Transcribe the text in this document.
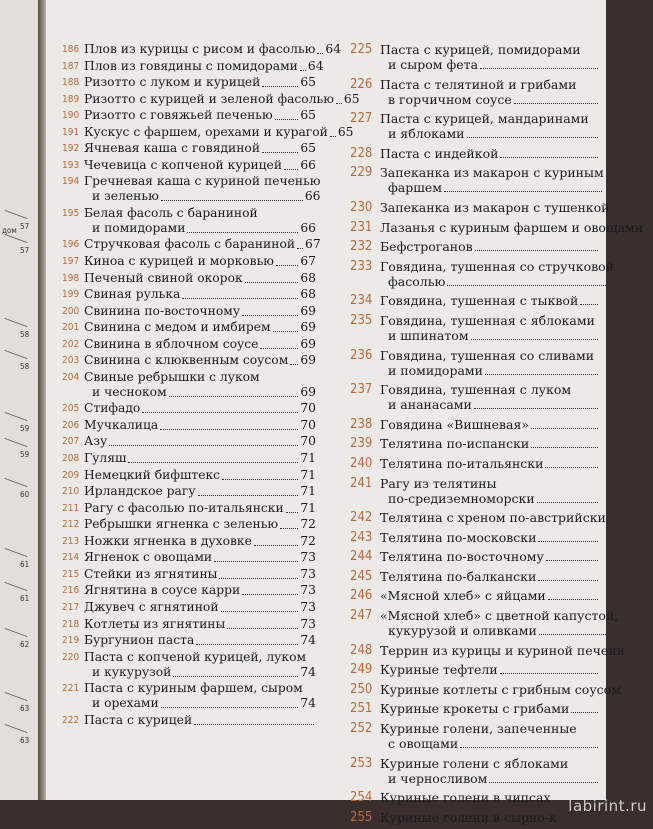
дом 57
57
58
58
59
59
60
61
61
62
63
63
186 Плов из курицы с рисом и фасолью 64
187 Плов из говядины с помидорами 64
188 Ризотто с луком и курицей	65
189 Ризотто с курицей и зеленой фасолью 65
190 Ризотто с говяжьей печенью 65
191 Кускус с фаршем, орехами и курагой 65
192 Ячневая каша с говядиной	65
193 Чечевица с копченой курицей 66
194 Гречневая каша с куриной печенью
и зеленью	66
195 Белая фасоль с бараниной
и помидорами	66
196 Стручковая фасоль с бараниной 67
197 Киноа с курицей и морковью 67
198 Печеный свиной окорок	68
199 Свиная рулька	68
200 Свинина по-восточному	69
201 Свинина с медом и имбирем 69
202 Свинина в яблочном соусе	69
203 Свинина с клюквенным соусом 69
204 Свиные ребрышки с луком
и чесноком	69
205 Стифадо	70
206 Мучкалица	70
207 Азу	70
208 Гуляш	71
209 Немецкий бифштекс	71
210 Ирландское рагу	71
211 Рагу с фасолью по-итальянски 71
212 Ребрышки ягненка с зеленью 72
213 Ножки ягненка в духовке	72
214 Ягненок с овощами	73
215 Стейки из ягнятины	73
216 Ягнятина в соусе карри	73
217 Джувеч с ягнятиной	73
218 Котлеты из ягнятины	73
219 Бургунион паста	74
220 Паста с копченой курицей, луком
и кукурузой	74
221 Паста с куриным фаршем, сыром
и орехами	74
222 Паста с курицей
225 Паста с курицей, помидорами
и сыром фета
226 Паста с телятиной и грибами
в горчичном соусе
227 Паста с курицей, мандаринами
и яблоками
228 Паста с индейкой
229 Запеканка из макарон с куриным
фаршем
230 Запеканка из макарон с тушенкой
231 Лазанья с куриным фаршем и овощами
232 Бефстроганов
233 Говядина, тушенная со стручковой
фасолью
234 Говядина, тушенная с тыквой
235 Говядина, тушенная с яблоками
и шпинатом
236 Говядина, тушенная со сливами
и помидорами
237 Говядина, тушенная с луком
и ананасами
238 Говядина «Вишневая»
239 Телятина по-испански
240 Телятина по-итальянски
241 Рагу из телятины
по-средиземноморски
242 Телятина с хреном по-австрийски
243 Телятина по-московски
244 Телятина по-восточному
245 Телятина по-балкански
246 «Мясной хлеб» с яйцами
247 «Мясной хлеб» с цветной капустой,
кукурузой и оливками
248 Террин из курицы и куриной печени
249 Куриные тефтели
250 Куриные котлеты с грибным соусом
251 Куриные крокеты с грибами
252 Куриные голени, запеченные
с овощами
253 Куриные голени с яблоками
и черносливом
254 Куриные голени в чипсах
255 Куриные голени в сырно-к
labirint.ru
